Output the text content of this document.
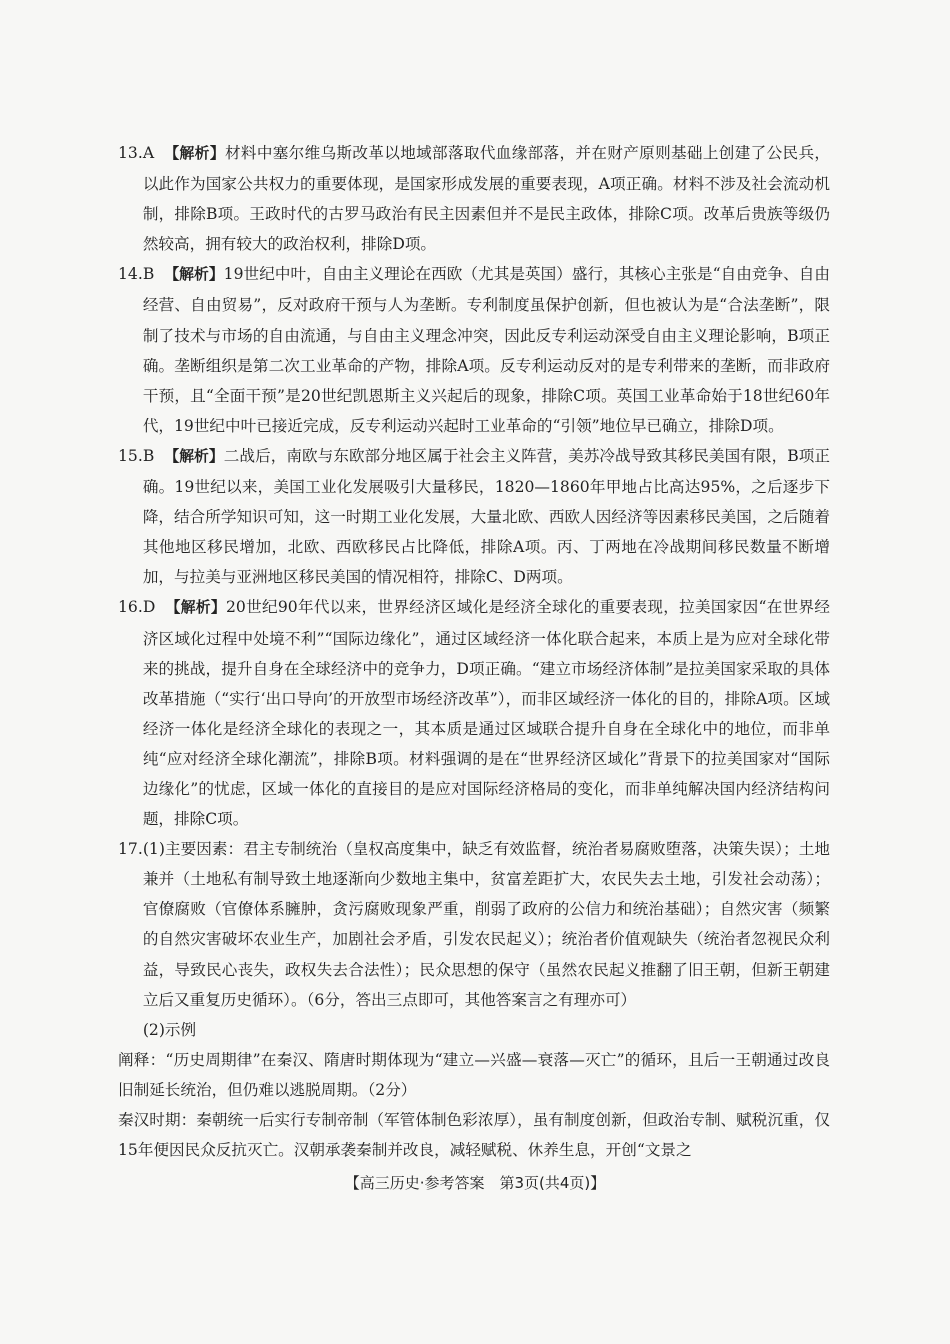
13. A 【解析】材料中塞尔维乌斯改革以地域部落取代血缘部落，并在财产原则基础上创建了公民兵，以此作为国家公共权力的重要体现，是国家形成发展的重要表现，A项正确。材料不涉及社会流动机制，排除B项。王政时代的古罗马政治有民主因素但并不是民主政体，排除C项。改革后贵族等级仍然较高，拥有较大的政治权利，排除D项。
14. B 【解析】19世纪中叶，自由主义理论在西欧（尤其是英国）盛行，其核心主张是“自由竞争、自由经营、自由贸易”，反对政府干预与人为垄断。专利制度虽保护创新，但也被认为是“合法垄断”，限制了技术与市场的自由流通，与自由主义理念冲突，因此反专利运动深受自由主义理论影响，B项正确。垄断组织是第二次工业革命的产物，排除A项。反专利运动反对的是专利带来的垄断，而非政府干预，且“全面干预”是20世纪凯恩斯主义兴起后的现象，排除C项。英国工业革命始于18世纪60年代，19世纪中叶已接近完成，反专利运动兴起时工业革命的“引领”地位早已确立，排除D项。
15. B 【解析】二战后，南欧与东欧部分地区属于社会主义阵营，美苏冷战导致其移民美国有限，B项正确。19世纪以来，美国工业化发展吸引大量移民，1820—1860年甲地占比高达95%，之后逐步下降，结合所学知识可知，这一时期工业化发展，大量北欧、西欧人因经济等因素移民美国，之后随着其他地区移民增加，北欧、西欧移民占比降低，排除A项。丙、丁两地在冷战期间移民数量不断增加，与拉美与亚洲地区移民美国的情况相符，排除C、D两项。
16. D 【解析】20世纪90年代以来，世界经济区域化是经济全球化的重要表现，拉美国家因“在世界经济区域化过程中处境不利”“国际边缘化”，通过区域经济一体化联合起来，本质上是为应对全球化带来的挑战，提升自身在全球经济中的竞争力，D项正确。“建立市场经济体制”是拉美国家采取的具体改革措施（“实行‘出口导向’的开放型市场经济改革”），而非区域经济一体化的目的，排除A项。区域经济一体化是经济全球化的表现之一，其本质是通过区域联合提升自身在全球化中的地位，而非单纯“应对经济全球化潮流”，排除B项。材料强调的是在“世界经济区域化”背景下的拉美国家对“国际边缘化”的忧虑，区域一体化的直接目的是应对国际经济格局的变化，而非单纯解决国内经济结构问题，排除C项。
17. (1)主要因素：君主专制统治（皇权高度集中，缺乏有效监督，统治者易腐败堕落，决策失误）；土地兼并（土地私有制导致土地逐渐向少数地主集中，贫富差距扩大，农民失去土地，引发社会动荡）；官僚腐败（官僚体系臃肿，贪污腐败现象严重，削弱了政府的公信力和统治基础）；自然灾害（频繁的自然灾害破坏农业生产，加剧社会矛盾，引发农民起义）；统治者价值观缺失（统治者忽视民众利益，导致民心丧失，政权失去合法性）；民众思想的保守（虽然农民起义推翻了旧王朝，但新王朝建立后又重复历史循环）。（6分，答出三点即可，其他答案言之有理亦可）
(2)示例
阐释：“历史周期律”在秦汉、隋唐时期体现为“建立—兴盛—衰落—灭亡”的循环，且后一王朝通过改良旧制延长统治，但仍难以逃脱周期。（2分）
秦汉时期：秦朝统一后实行专制帝制（军管体制色彩浓厚），虽有制度创新，但政治专制、赋税沉重，仅15年便因民众反抗灭亡。汉朝承袭秦制并改良，减轻赋税、休养生息，开创“文景之
【高三历史·参考答案　第3页(共4页)】
